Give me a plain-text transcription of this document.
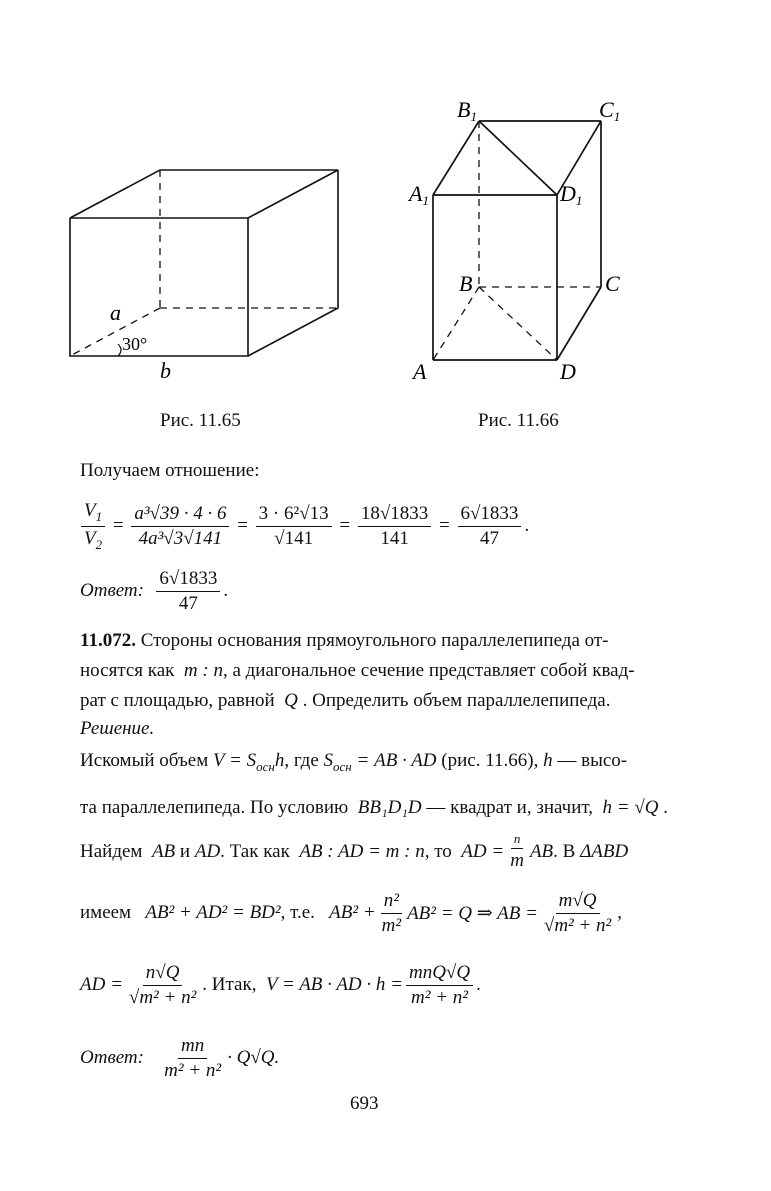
a
30°
b
Рис. 11.65
B1	C1
A1	D1
A	D
B	C
Рис. 11.66
Получаем отношение:
$\frac{V_1}{V_2} = \frac{\text{a³√39 · 4 · 6}}{\text{4a³√3√141}} = \frac{\text{3 · 6²√13}}{√141} = \frac{18√1833}{141} = \frac{6√1833}{47}$ .
Ответ:
$\frac{6√1833}{47}$ .
11.072. Стороны основания прямоугольного параллелепипеда от-
носятся как m : n, а диагональное сечение представляет собой квад-
рат с площадью, равной Q . Определить объем параллелепипеда.
Решение.
Искомый объем $V = S_{осн}h$, где $S_{осн}$ = AB · AD (рис. 11.66), h — высо-
та параллелепипеда. По условию BB₁D₁D — квадрат и, значит, h = √Q .
Найдем
AB
и
AD . Так как
AB : AD = m : n , то
AD = $\frac{n}{m}$ AB . В
ΔABD
имеем
AB² + AD² = BD² , т.е.
$AB^2 + \frac{\text{n²}}{\text{m²}} AB^2 = Q$ ⇒ AB = $\frac{m√Q}{\text{√m² + n²}}$ ,
AD = $\frac{n√Q}{\text{√m² + n²}}$ . Итак,
V = AB · AD · $h = \frac{\text{mnQ√Q}}{\text{m² + n²}}$ .
Ответ:
$\frac{mn}{\text{m² + n²}} \cdot Q√Q$.
693
